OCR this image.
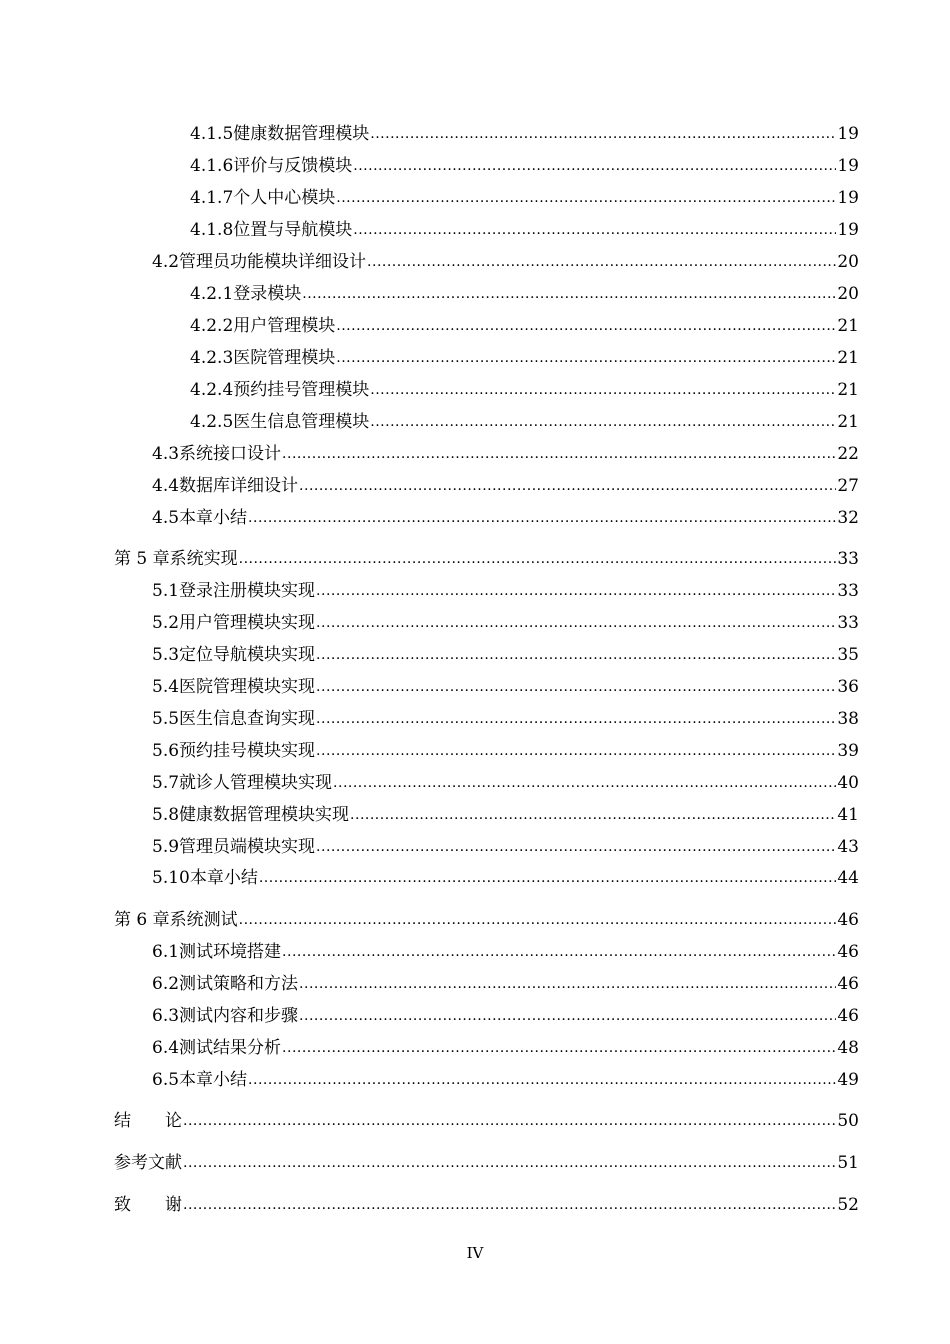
4.1.5 健康数据管理模块 .....	19
4.1.6 评价与反馈模块 .....	19
4.1.7 个人中心模块 .....	19
4.1.8 位置与导航模块 .....	19
4.2 管理员功能模块详细设计 .....	20
4.2.1 登录模块 .....	20
4.2.2 用户管理模块 .....	21
4.2.3 医院管理模块 .....	21
4.2.4 预约挂号管理模块 .....	21
4.2.5 医生信息管理模块 .....	21
4.3 系统接口设计 .....	22
4.4 数据库详细设计 .....	27
4.5 本章小结 .....	32
第 5 章 系统实现 .....	33
5.1 登录注册模块实现 .....	33
5.2 用户管理模块实现 .....	33
5.3 定位导航模块实现 .....	35
5.4 医院管理模块实现 .....	36
5.5 医生信息查询实现 .....	38
5.6 预约挂号模块实现 .....	39
5.7 就诊人管理模块实现 .....	40
5.8 健康数据管理模块实现 .....	41
5.9 管理员端模块实现 .....	43
5.10 本章小结 .....	44
第 6 章 系统测试 .....	46
6.1 测试环境搭建 .....	46
6.2 测试策略和方法 .....	46
6.3 测试内容和步骤 .....	46
6.4 测试结果分析 .....	48
6.5 本章小结 .....	49
结　　论 .....	50
参考文献 .....	51
致　　谢 .....	52
IV
